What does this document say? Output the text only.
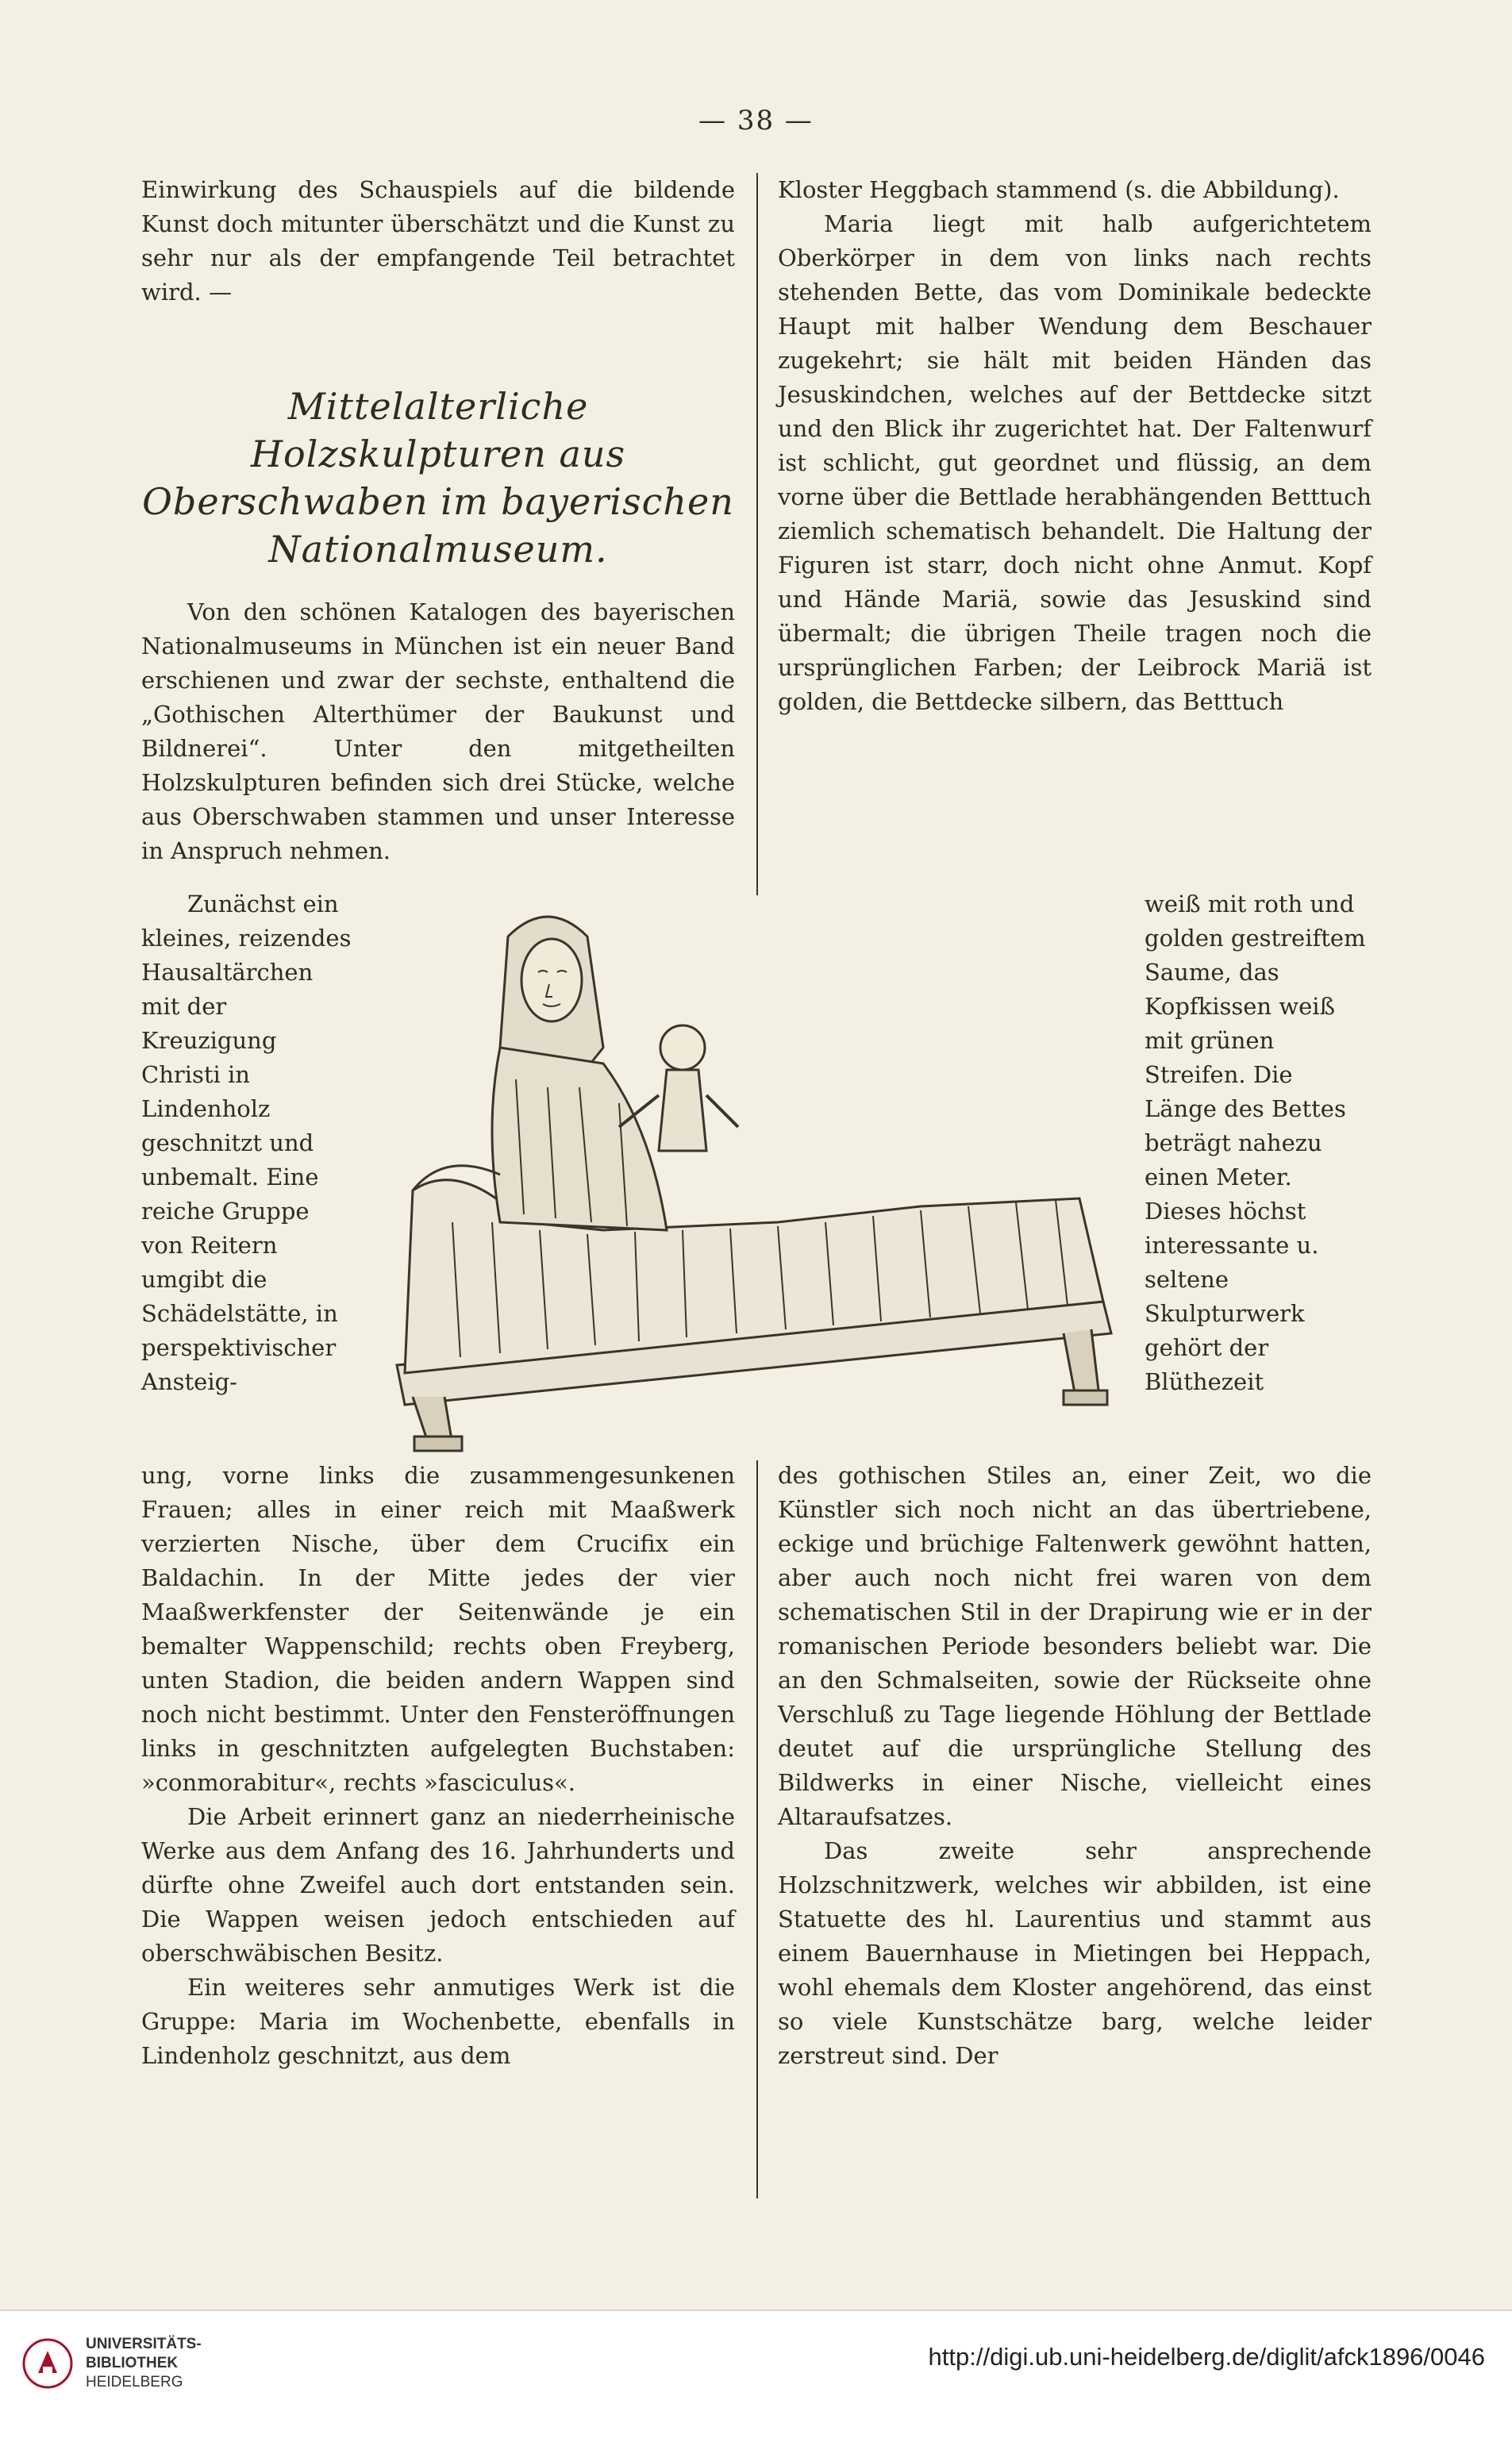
— 38 —

Einwirkung des Schauspiels auf die bildende Kunst doch mitunter überschätzt und die Kunst zu sehr nur als der empfangende Teil betrachtet wird. —

Mittelalterliche Holzskulpturen aus Oberschwaben im bayerischen Nationalmuseum.

Von den schönen Katalogen des bayerischen Nationalmuseums in München ist ein neuer Band erschienen und zwar der sechste, enthaltend die „Gothischen Alterthümer der Baukunst und Bildnerei“. Unter den mitgetheilten Holzskulpturen befinden sich drei Stücke, welche aus Oberschwaben stammen und unser Interesse in Anspruch nehmen.

Kloster Heggbach stammend (s. die Abbildung).

Maria liegt mit halb aufgerichtetem Oberkörper in dem von links nach rechts stehenden Bette, das vom Dominikale bedeckte Haupt mit halber Wendung dem Beschauer zugekehrt; sie hält mit beiden Händen das Jesuskindchen, welches auf der Bettdecke sitzt und den Blick ihr zugerichtet hat. Der Faltenwurf ist schlicht, gut geordnet und flüssig, an dem vorne über die Bettlade herabhängenden Betttuch ziemlich schematisch behandelt. Die Haltung der Figuren ist starr, doch nicht ohne Anmut. Kopf und Hände Mariä, sowie das Jesuskind sind übermalt; die übrigen Theile tragen noch die ursprünglichen Farben; der Leibrock Mariä ist golden, die Bettdecke silbern, das Betttuch

Zunächst ein kleines, reizendes Hausaltärchen mit der Kreuzigung Christi in Lindenholz geschnitzt und unbemalt. Eine reiche Gruppe von Reitern umgibt die Schädelstätte, in perspektivischer Ansteig-

weiß mit roth und golden gestreiftem Saume, das Kopfkissen weiß mit grünen Streifen. Die Länge des Bettes beträgt nahezu einen Meter. Dieses höchst interessante u. seltene Skulpturwerk gehört der Blüthezeit

ung, vorne links die zusammengesunkenen Frauen; alles in einer reich mit Maaßwerk verzierten Nische, über dem Crucifix ein Baldachin. In der Mitte jedes der vier Maaßwerkfenster der Seitenwände je ein bemalter Wappenschild; rechts oben Freyberg, unten Stadion, die beiden andern Wappen sind noch nicht bestimmt. Unter den Fensteröffnungen links in geschnitzten aufgelegten Buchstaben: »conmorabitur«, rechts »fasciculus«.

Die Arbeit erinnert ganz an niederrheinische Werke aus dem Anfang des 16. Jahrhunderts und dürfte ohne Zweifel auch dort entstanden sein. Die Wappen weisen jedoch entschieden auf oberschwäbischen Besitz.

Ein weiteres sehr anmutiges Werk ist die Gruppe: Maria im Wochenbette, ebenfalls in Lindenholz geschnitzt, aus dem

des gothischen Stiles an, einer Zeit, wo die Künstler sich noch nicht an das übertriebene, eckige und brüchige Faltenwerk gewöhnt hatten, aber auch noch nicht frei waren von dem schematischen Stil in der Drapirung wie er in der romanischen Periode besonders beliebt war. Die an den Schmalseiten, sowie der Rückseite ohne Verschluß zu Tage liegende Höhlung der Bettlade deutet auf die ursprüngliche Stellung des Bildwerks in einer Nische, vielleicht eines Altaraufsatzes.

Das zweite sehr ansprechende Holzschnitzwerk, welches wir abbilden, ist eine Statuette des hl. Laurentius und stammt aus einem Bauernhause in Mietingen bei Heppach, wohl ehemals dem Kloster angehörend, das einst so viele Kunstschätze barg, welche leider zerstreut sind. Der

UNIVERSITÄTS-
BIBLIOTHEK
HEIDELBERG
http://digi.ub.uni-heidelberg.de/diglit/afck1896/0046
